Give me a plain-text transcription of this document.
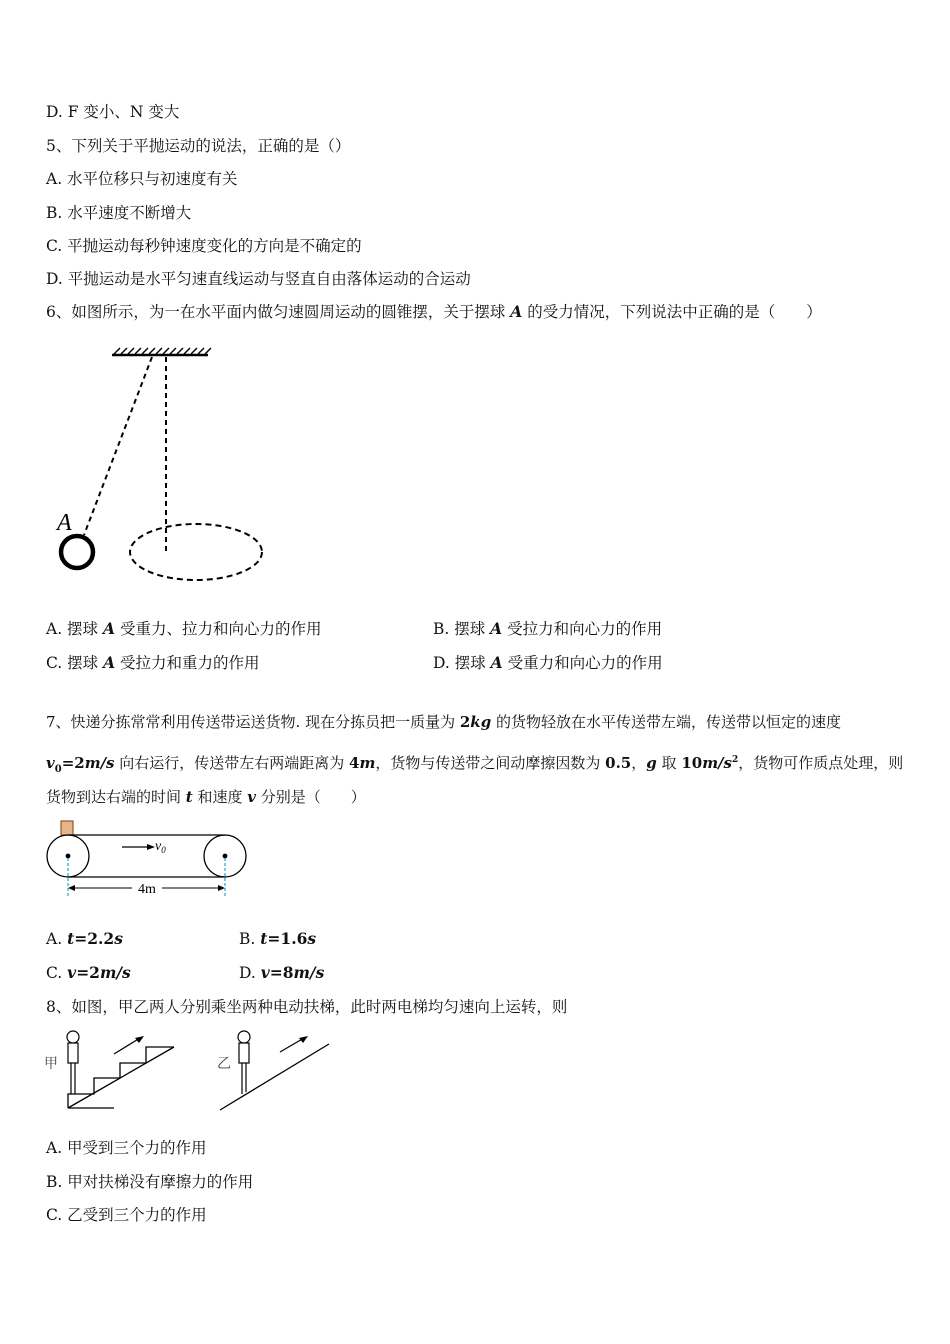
D. F 变小、N 变大
5、下列关于平抛运动的说法，正确的是（）
A. 水平位移只与初速度有关
B. 水平速度不断增大
C. 平抛运动每秒钟速度变化的方向是不确定的
D. 平抛运动是水平匀速直线运动与竖直自由落体运动的合运动
6、如图所示，为一在水平面内做匀速圆周运动的圆锥摆，关于摆球 A 的受力情况，下列说法中正确的是（　　）
A
A. 摆球 A 受重力、拉力和向心力的作用	B. 摆球 A 受拉力和向心力的作用
C. 摆球 A 受拉力和重力的作用	D. 摆球 A 受重力和向心力的作用
7、快递分拣常常利用传送带运送货物. 现在分拣员把一质量为 2kg 的货物轻放在水平传送带左端，传送带以恒定的速度
$v_0=2m/s$ 向右运行，传送带左右两端距离为 4m，货物与传送带之间动摩擦因数为 0.5，g 取 $10m/s^2$，货物可作质点处理，则
货物到达右端的时间 t 和速度 v 分别是（　　）
$v_0$
4m
A. t=2.2s	B. t=1.6s
C. v=2m/s	D. v=8m/s
8、如图，甲乙两人分别乘坐两种电动扶梯，此时两电梯均匀速向上运转，则
甲	乙
A. 甲受到三个力的作用
B. 甲对扶梯没有摩擦力的作用
C. 乙受到三个力的作用
